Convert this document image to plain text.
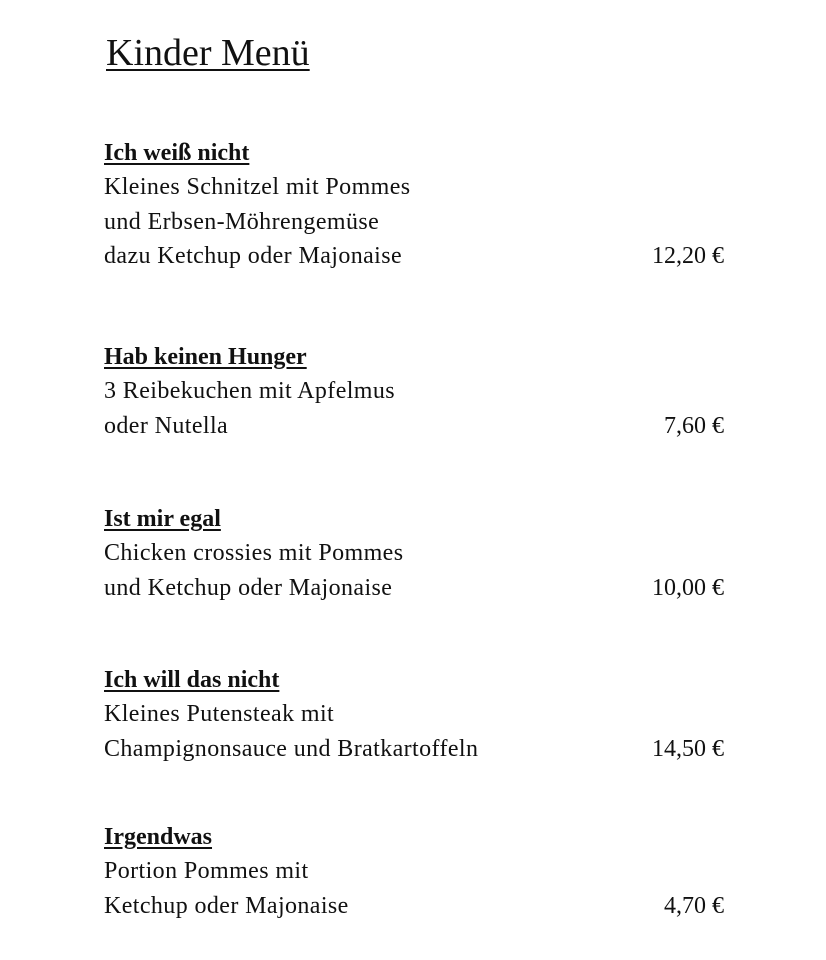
Kinder Menü
Ich weiß nicht
Kleines Schnitzel mit Pommes
und Erbsen-Möhrengemüse
dazu Ketchup oder Majonaise	12,20 €
Hab keinen Hunger
3 Reibekuchen mit Apfelmus
oder Nutella	7,60 €
Ist mir egal
Chicken crossies mit Pommes
und Ketchup oder Majonaise	10,00 €
Ich will das nicht
Kleines Putensteak mit
Champignonsauce und Bratkartoffeln	14,50 €
Irgendwas
Portion Pommes mit
Ketchup oder Majonaise	4,70 €
